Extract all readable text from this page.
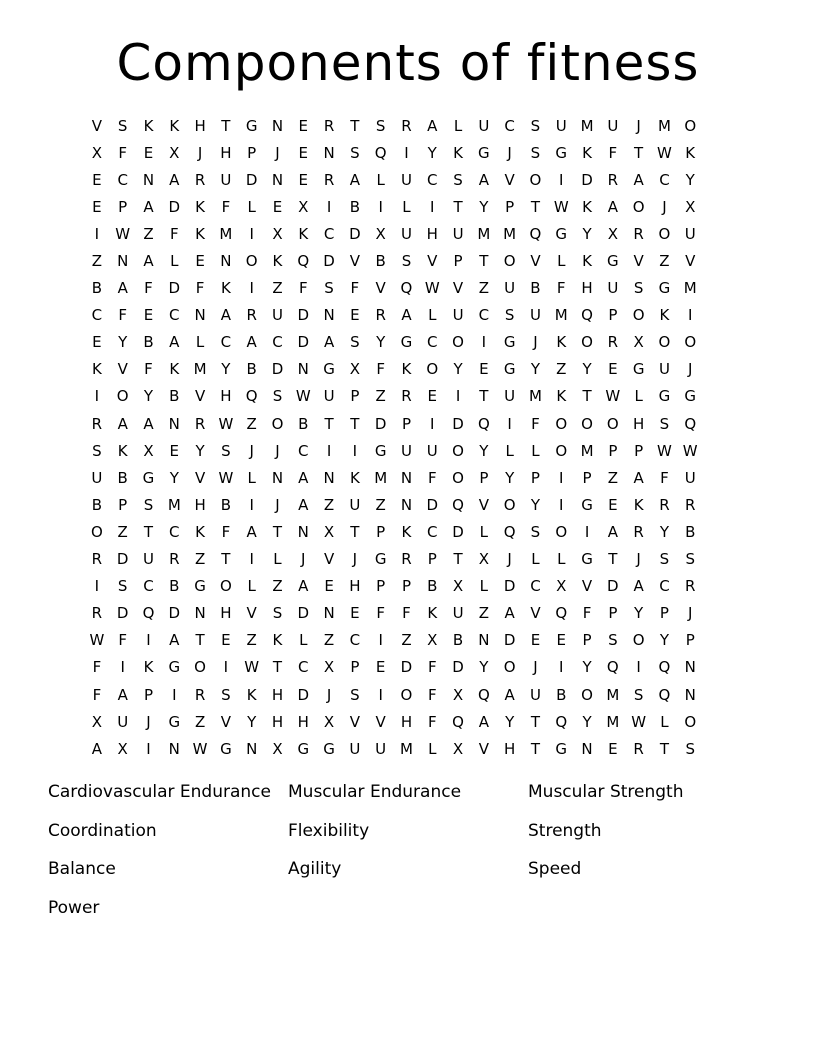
Components of fitness
V	S	K	K	H	T	G N	E	R	T	S	R	A	L	U	C	S	U M U	J	M O
X	F	E	X	J	H	P	J	E	N	S	Q	I	Y	K	G	J	S	G	K	F	T W K
E	C N	A	R	U D N	E	R	A	L	U	C	S	A	V O	I	D R	A	C	Y
E	P	A D	K	F	L	E	X	I	B	I	L	I	T	Y	P	T W K	A O	J	X
I	W Z	F	K M	I	X	K	C D X	U H U M M Q G	Y	X	R O U
Z	N	A	L	E	N O K Q D V	B	S	V	P	T	O V	L	K	G V	Z	V
B	A	F	D	F	K	I	Z	F	S	F	V Q W V	Z	U	B	F	H U	S	G M
C	F	E	C N	A	R	U D N	E	R	A	L	U	C	S	U M Q	P	O K	I
E	Y	B	A	L	C	A	C D A	S	Y	G C O	I	G	J	K O R	X O O
K	V	F	K M Y	B D N G X	F	K O	Y	E	G	Y	Z	Y	E	G U	J
I	O	Y	B	V	H Q	S W U	P	Z	R	E	I	T	U M K	T W L	G G
R	A	A	N R W Z O B	T	T	D	P	I	D Q	I	F	O O O H	S	Q
S	K	X	E	Y	S	J	J	C	I	I	G U U O	Y	L	L	O M P	P W W
U	B G	Y	V W L	N	A	N	K M N	F	O	P	Y	P	I	P	Z	A	F	U
B	P	S M H	B	I	J	A	Z	U	Z	N D Q V O	Y	I	G	E	K	R	R
O Z	T	C	K	F	A	T	N	X	T	P	K	C D	L	Q	S	O	I	A	R	Y	B
R D U	R	Z	T	I	L	J	V	J	G R	P	T	X	J	L	L	G	T	J	S	S
I	S	C	B G O	L	Z	A	E	H	P	P	B	X	L	D C	X	V D A	C	R
R D Q D N H	V	S	D N	E	F	F	K	U	Z	A	V Q	F	P	Y	P	J
W F	I	A	T	E	Z	K	L	Z	C	I	Z	X	B	N D	E	E	P	S	O	Y	P
F	I	K	G O	I	W T	C	X	P	E	D	F	D	Y	O	J	I	Y	Q	I	Q N
F	A	P	I	R	S	K	H D	J	S	I	O	F	X Q A	U	B O M S	Q N
X	U	J	G Z	V	Y	H H	X	V	V	H	F	Q A	Y	T	Q	Y M W L	O
A	X	I	N W G N	X G G U U M	L	X	V	H	T	G N	E	R	T	S
Cardiovascular Endurance	Muscular Endurance	Muscular Strength
Coordination	Flexibility	Strength
Balance	Agility	Speed
Power
